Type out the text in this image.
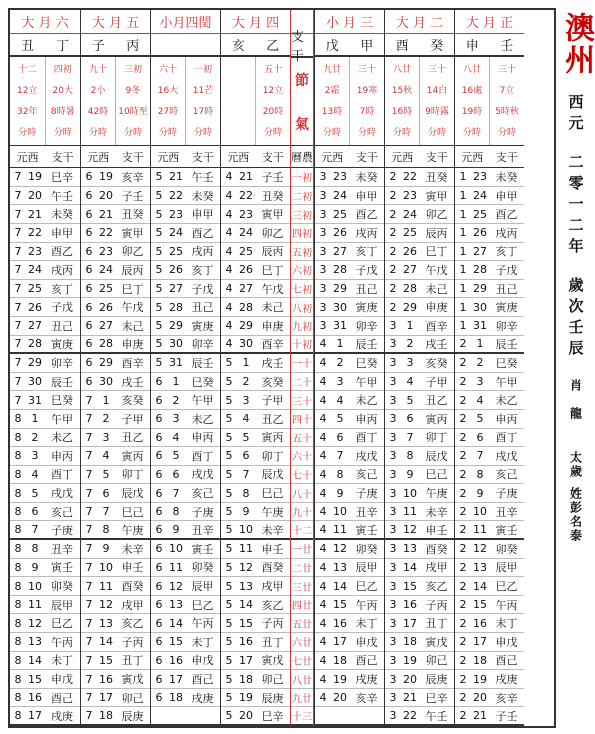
大 月 六
丑 丁
十二
12立
32年
分時
四初
20大
8時暑
分時
元西 支干
7 19 巳辛
7 20 午壬
7 21 未癸
7 22 申甲
7 23 酉乙
7 24 戌丙
7 25 亥丁
7 26 子戊
7 27 丑己
7 28 寅庚
7 29 卯辛
7 30 辰壬
7 31 巳癸
8 1	午甲
8 2	未乙
8 3	申丙
8 4	酉丁
8 5	戌戊
8 6	亥己
8 7	子庚
8 8	丑辛
8 9	寅壬
8 10 卯癸
8 11 辰甲
8 12 巳乙
8 13 午丙
8 14 未丁
8 15 申戊
8 16 酉己
8 17 戌庚
大 月 五
子 丙
九十
2小
42時
分時
三初
9冬
10時至
分時
元西 支干
6 19 亥辛
6 20 子壬
6 21 丑癸
6 22 寅甲
6 23 卯乙
6 24 辰丙
6 25 巳丁
6 26 午戊
6 27 未己
6 28 申庚
6 29 酉辛
6 30 戌壬
7 1	亥癸
7 2	子甲
7 3	丑乙
7 4	寅丙
7 5	卯丁
7 6	辰戊
7 7	巳己
7 8	午庚
7 9	未辛
7 10 申壬
7 11 酉癸
7 12 戌甲
7 13 亥乙
7 14 子丙
7 15 丑丁
7 16 寅戊
7 17 卯己
7 18 辰庚
小月四閏
六十
16大
27時
分時
一初
11芒
17時
分時
元西 支干
5 21 午壬
5 22 未癸
5 23 申甲
5 24 酉乙
5 25 戌丙
5 26 亥丁
5 27 子戊
5 28 丑己
5 29 寅庚
5 30 卯辛
5 31 辰壬
6 1	巳癸
6 2	午甲
6 3	未乙
6 4	申丙
6 5	酉丁
6 6	戌戊
6 7	亥己
6 8	子庚
6 9	丑辛
6 10 寅壬
6 11 卯癸
6 12 辰甲
6 13 巳乙
6 14 午丙
6 15 未丁
6 16 申戊
6 17 酉己
6 18 戌庚
大 月 四
亥 乙
五十
12立
20時
分時
元西 支干
4 21 子壬
4 22 丑癸
4 23 寅甲
4 24 卯乙
4 25 辰丙
4 26 巳丁
4 27 午戊
4 28 未己
4 29 申庚
4 30 酉辛
5 1	戌壬
5 2	亥癸
5 3	子甲
5 4	丑乙
5 5	寅丙
5 6	卯丁
5 7	辰戊
5 8	巳己
5 9	午庚
5 10 未辛
5 11 申壬
5 12 酉癸
5 13 戌甲
5 14 亥乙
5 15 子丙
5 16 丑丁
5 17 寅戊
5 18 卯己
5 19 辰庚
5 20 巳辛
支干
節
氣
曆農
一初
二初
三初
四初
五初
六初
七初
八初
九初
十初
一十
二十
三十
四十
五十
六十
七十
八十
九十
十二
一廿
二廿
三廿
四廿
五廿
六廿
七廿
八廿
九廿
十三
小 月 三
戊 甲
九廿
2霜
13時
分時
三十
19寒
7時
分時
元西 支干
3 23 未癸
3 24 申甲
3 25 酉乙
3 26 戌丙
3 27 亥丁
3 28 子戊
3 29 丑己
3 30 寅庚
3 31 卯辛
4 1	辰壬
4 2	巳癸
4 3	午甲
4 4	未乙
4 5	申丙
4 6	酉丁
4 7	戌戊
4 8	亥己
4 9	子庚
4 10 丑辛
4 11 寅壬
4 12 卯癸
4 13 辰甲
4 14 巳乙
4 15 午丙
4 16 未丁
4 17 申戊
4 18 酉己
4 19 戌庚
4 20 亥辛
大 月 二
酉 癸
八廿
15秋
16時
分時
三十
14白
9時露
分時
元西 支干
2 22 丑癸
2 23 寅甲
2 24 卯乙
2 25 辰丙
2 26 巳丁
2 27 午戊
2 28 未己
2 29 申庚
3 1	酉辛
3 2	戌壬
3 3	亥癸
3 4	子甲
3 5	丑乙
3 6	寅丙
3 7	卯丁
3 8	辰戊
3 9	巳己
3 10 午庚
3 11 未辛
3 12 申壬
3 13 酉癸
3 14 戌甲
3 15 亥乙
3 16 子丙
3 17 丑丁
3 18 寅戊
3 19 卯己
3 20 辰庚
3 21 巳辛
3 22 午壬
大 月 正
申 壬
八廿
16處
19時
分時
三十
7立
5時秋
分時
元西 支干
1 23 未癸
1 24 申甲
1 25 酉乙
1 26 戌丙
1 27 亥丁
1 28 子戊
1 29 丑己
1 30 寅庚
1 31 卯辛
2 1	辰壬
2 2	巳癸
2 3	午甲
2 4	未乙
2 5	申丙
2 6	酉丁
2 7	戌戊
2 8	亥己
2 9	子庚
2 10 丑辛
2 11 寅壬
2 12 卯癸
2 13 辰甲
2 14 巳乙
2 15 午丙
2 16 未丁
2 17 申戊
2 18 酉己
2 19 戌庚
2 20 亥辛
2 21 子壬
澳州
西元
二零一二年
歲次壬辰
肖
龍
太歲
姓彭名泰
